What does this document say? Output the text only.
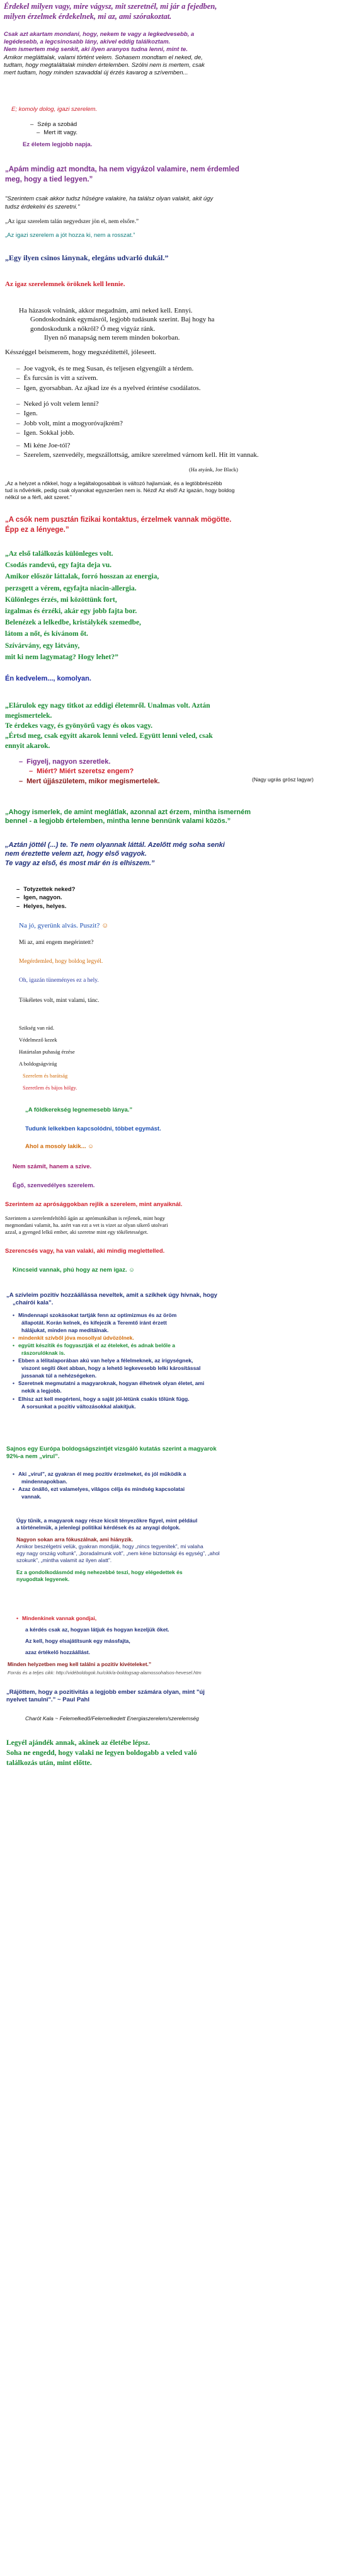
Érdekel milyen vagy, mire vágysz, mit szeretnél, mi jár a fejedben,
milyen érzelmek érdekelnek, mi az, ami szórakoztat.
Csak azt akartam mondani, hogy, nekem te vagy a legkedvesebb, a
legédesebb, a legcsinosabb lány, akivel eddig találkoztam.
Nem ismertem még senkit, aki ilyen aranyos tudna lenni, mint te.
Amikor megláttalak, valami történt velem. Sohasem mondtam el neked, de,
tudtam, hogy megtaláltalak minden értelemben. Szólni nem is mertem, csak
mert tudtam, hogy minden szavaddal új érzés kavarog a szívemben...
E; komoly dolog, igazi szerelem.
– Szép a szobád
– Mert itt vagy.
Ez életem legjobb napja.
„Apám mindig azt mondta, ha nem vigyázol valamire, nem érdemled
meg, hogy a tied legyen.”
"Szerintem csak akkor tudsz hűségre valakire, ha találsz olyan valakit, akit úgy
tudsz érdekelni és szeretni."
„Az igaz szerelem talán negyedszer jön el, nem elsőre.”
„Az igazi szerelem a jót hozza ki, nem a rosszat.”
„Egy ilyen csinos lánynak, elegáns udvarló dukál.”
Az igaz szerelemnek öröknek kell lennie.
Ha házasok volnánk, akkor megadnám, ami neked kell. Ennyi.
Gondoskodnánk egymásról, legjobb tudásunk szerint. Baj hogy ha
gondoskodunk a nőkről? Ő meg vigyáz ránk.
Ilyen nő manapság nem terem minden bokorban.
Késszéggel beismerem, hogy megszédítettél, jóleseett.
– Joe vagyok, és te meg Susan, és teljesen elgyengült a térdem.
– És furcsán is vitt a szívem.
– Igen, gyorsabban. Az ajkad ize és a nyelved érintése csodálatos.
– Neked jó volt velem lenni?
– Igen.
– Jobb volt, mint a mogyoróvajkrém?
– Igen. Sokkal jobb.
– Mi kéne Joe-tól?
– Szerelem, szenvedély, megszállottság, amikre szerelmed várnom kell. Hit itt vannak.
(Ha atyánk, Joe Black)
„Az a helyzet a nőkkel, hogy a legáltalogosabbak is változó hajlamúak, és a legtöbbrészébb
tud is nővérkék, pedig csak olyanokat egyszerűen nem is. Nézd! Az első! Az igazán, hogy boldog
nélkül se a férfi, akit szeret.”
„A csók nem pusztán fizikai kontaktus, érzelmek vannak mögötte.
Épp ez a lényege.”
„Az első találkozás különleges volt.
Csodás randevú, egy fajta deja vu.
Amikor először láttalak, forró hosszan az energia,
perzsgett a vérem, egyfajta niacin-allergia.
Különleges érzés, mi közöttünk fort,
izgalmas és érzéki, akár egy jobb fajta bor.
Belenézek a lelkedbe, kristálykék szemedbe,
látom a nőt, és kívánom őt.
Szívárvány, egy látvány,
mit ki nem lagymatag? Hogy lehet?”
Én kedvelem..., komolyan.
„Elárulok egy nagy titkot az eddigi életemről. Unalmas volt. Aztán
megismertelek.
Te érdekes vagy, és gyönyörű vagy és okos vagy.
„Értsd meg, csak egyítt akarok lenni veled. Együtt lenni veled, csak
ennyit akarok.
– Figyelj, nagyon szeretlek.
– Miért? Miért szeretsz engem?
– Mert újjászületem, mikor megismertelek.	(Nagy ugrás grósz lagyar)
„Ahogy ismerlek, de amint meglátlak, azonnal azt érzem, mintha ismerném
bennel - a legjobb értelemben, mintha lenne bennünk valami közös.”
„Aztán jöttél (...) te. Te nem olyannak láttál. Azelőtt még soha senki
nem éreztette velem azt, hogy első vagyok.
Te vagy az első, és most már én is elhiszem.”
– Totyzettek neked?
– Igen, nagyon.
– Helyes, helyes.
Na jó, gyerünk alvás. Puszit? ☺
Mi az, ami engem megérintett?
Megérdemled, hogy boldog legyél.
Oh, igazán tüneményes ez a hely.
Tökéletes volt, mint valami, tánc.
Szikség van rád.
Védelmező kezek
Határtalan puhaság érzése
A boldogságvirág
Szerelem és barátság
Szeretlem és bájos hölgy.
„A földkerekség legnemesebb lánya.”
Tudunk lelkekben kapcsolódni, többet egymást.
Ahol a mosoly lakik... ☺
Nem számít, hanem a szive.
Égő, szenvedélyes szerelem.
Szerintem az aprósággokban rejlik a szerelem, mint anyaiknál.
Szerintem a szerelemfeltöltő ágán az aprómunkában is rejlenek, mint hogy
megmondani valamit, ha. azért van ezt a vet is vizet az olyan sikerő utolvari
azzal, a gyenged lelkű ember, aki szeretne mint egy tökéletességet.
Szerencsés vagy, ha van valaki, aki mindig meglettelled.
Kincseid vannak, phú hogy az nem igaz. ☺
„A szívleim pozitív hozzáállássa neveltek, amit a szíkhek úgy hívnak, hogy
„chaírói kala”.
• Mindennapi szokásokat tartják fenn az optimizmus és az öröm
állapotát. Korán kelnek, és kifejezik a Teremtő iránt érzett
hálájukat, minden nap meditálnak.
• mindenkit szívből jóva mosollyal üdvözölnek.
• együtt készítik és fogyasztják el az ételeket, és adnak belőle a
rászorulóknak is.
• Ebben a lélitalaporában akú van helye a félelmeknek, az irigységnek,
viszont segíti őket abban, hogy a lehető legkevesebb lelki károsítással
jussanak túl a nehézségeken.
• Szeretnek megmutatni a magyaroknak, hogyan élhetnek olyan életet, ami
nekik a legjobb.
• Elhisz azt kell megérteni, hogy a saját jól-létünk csakis tőlünk függ.
A sorsunkat a pozitív változásokkal alakítjuk.
Sajnos egy Európa boldogságszintjét vizsgáló kutatás szerint a magyarok
92%-a nem „virul”.
• Aki „virul”, az gyakran él meg pozitív érzelmeket, és jól működik a
mindennapokban.
• Azaz önálló, ezt valamelyes, világos célja és mindség kapcsolatai
vannak.
Úgy tűnik, a magyarok nagy része kicsit tényezőkre figyel, mint például
a történelmük, a jelenlegi politikai kérdések és az anyagi dolgok.
Nagyon sokan arra fókuszálnak, ami hiányzik.
Amikor beszélgetni velük, gyakran mondják, hogy „nincs tegyenitek”, mi valaha
egy nagy ország voltunk”, „boradalmunk volt”, „nem kéne biztonsági és egység”, „ahol
szokunk”, „mintha valamit az ilyen alatt”.
Ez a gondolkodásmód még nehezebbé teszi, hogy elégedettek és
nyugodtak legyenek.
• Mindenkinek vannak gondjai,
a kérdés csak az, hogyan látjuk és hogyan kezeljük őket.
Az kell, hogy elsajátítsunk egy mássfajta,
azaz értékelő hozzáállást.
Minden helyzetben meg kell találni a pozitív kivételeket.”
Forrás és a teljes cikk: http://vidéboldogok.hu/cikk/a-boldogsag-alamossohalsos-hevesel.htm
„Rájöttem, hogy a pozitivitás a legjobb ember számára olyan, mint "új
nyelvet tanulni".” ~ Paul Pahl
Charót Kala ~ Felemelkedő/Felemelkedett Energiaszerelem/szerelemség
Legyél ajándék annak, akinek az életébe lépsz.
Soha ne engedd, hogy valaki ne legyen boldogabb a veled való
találkozás után, mint előtte.
